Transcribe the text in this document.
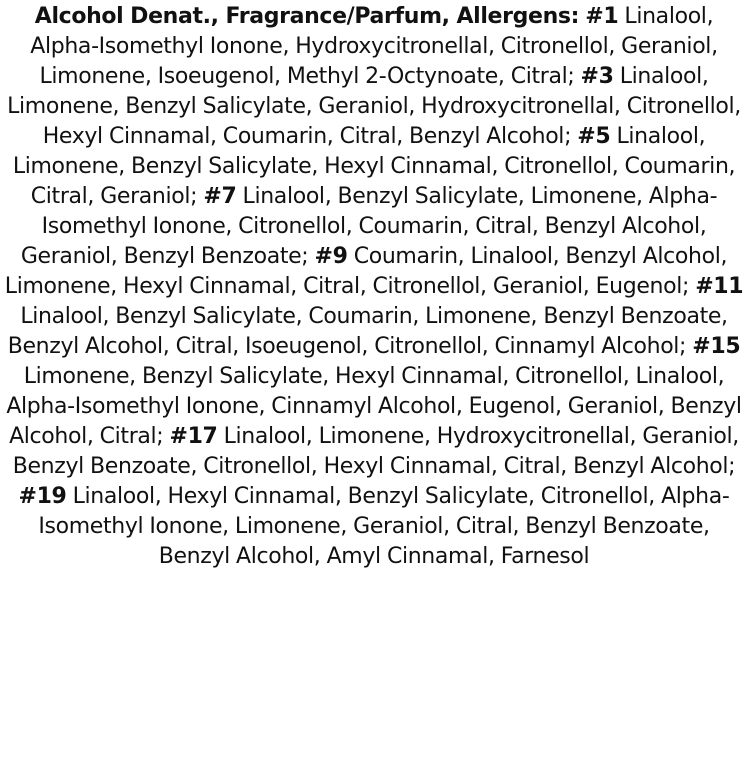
Alcohol Denat., Fragrance/Parfum, Allergens: #1 Linalool, Alpha-Isomethyl Ionone, Hydroxycitronellal, Citronellol, Geraniol, Limonene, Isoeugenol, Methyl 2-Octynoate, Citral; #3 Linalool, Limonene, Benzyl Salicylate, Geraniol, Hydroxycitronellal, Citronellol, Hexyl Cinnamal, Coumarin, Citral, Benzyl Alcohol; #5 Linalool, Limonene, Benzyl Salicylate, Hexyl Cinnamal, Citronellol, Coumarin, Citral, Geraniol; #7 Linalool, Benzyl Salicylate, Limonene, Alpha-Isomethyl Ionone, Citronellol, Coumarin, Citral, Benzyl Alcohol, Geraniol, Benzyl Benzoate; #9 Coumarin, Linalool, Benzyl Alcohol, Limonene, Hexyl Cinnamal, Citral, Citronellol, Geraniol, Eugenol; #11 Linalool, Benzyl Salicylate, Coumarin, Limonene, Benzyl Benzoate, Benzyl Alcohol, Citral, Isoeugenol, Citronellol, Cinnamyl Alcohol; #15 Limonene, Benzyl Salicylate, Hexyl Cinnamal, Citronellol, Linalool, Alpha-Isomethyl Ionone, Cinnamyl Alcohol, Eugenol, Geraniol, Benzyl Alcohol, Citral; #17 Linalool, Limonene, Hydroxycitronellal, Geraniol, Benzyl Benzoate, Citronellol, Hexyl Cinnamal, Citral, Benzyl Alcohol; #19 Linalool, Hexyl Cinnamal, Benzyl Salicylate, Citronellol, Alpha-Isomethyl Ionone, Limonene, Geraniol, Citral, Benzyl Benzoate, Benzyl Alcohol, Amyl Cinnamal, Farnesol
